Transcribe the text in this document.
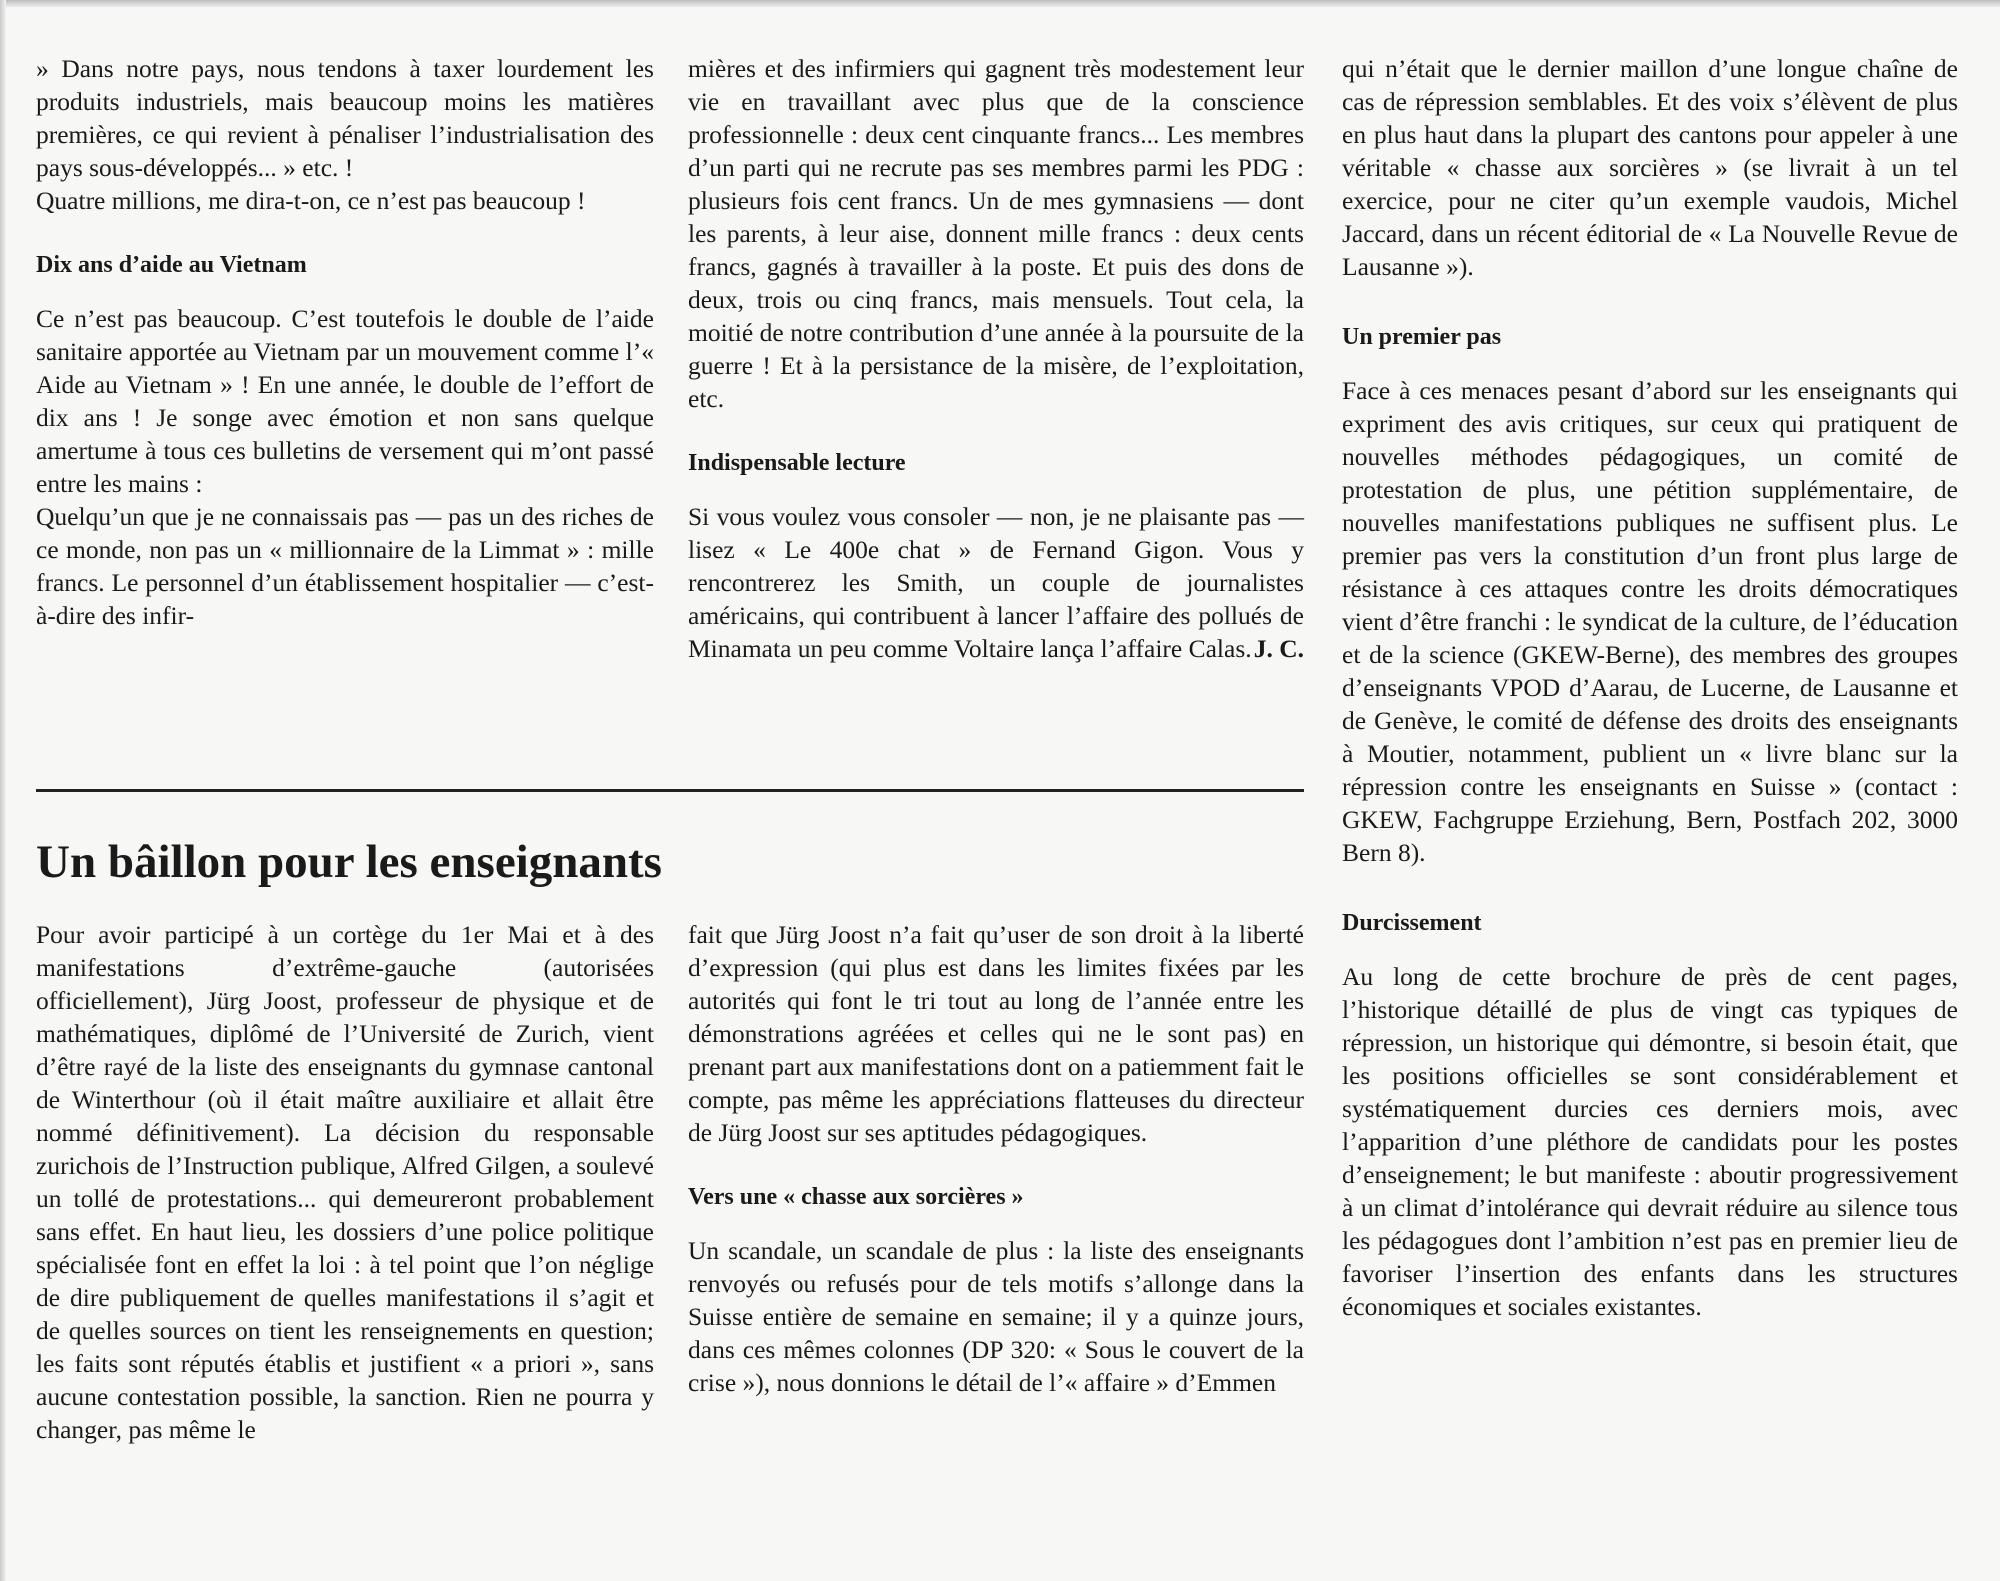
» Dans notre pays, nous tendons à taxer lourdement les produits industriels, mais beaucoup moins les matières premières, ce qui revient à pénaliser l’industrialisation des pays sous-développés... » etc. !

Quatre millions, me dira-t-on, ce n’est pas beaucoup !

Dix ans d’aide au Vietnam

Ce n’est pas beaucoup. C’est toutefois le double de l’aide sanitaire apportée au Vietnam par un mouvement comme l’« Aide au Vietnam » ! En une année, le double de l’effort de dix ans ! Je songe avec émotion et non sans quelque amertume à tous ces bulletins de versement qui m’ont passé entre les mains :

Quelqu’un que je ne connaissais pas — pas un des riches de ce monde, non pas un « millionnaire de la Limmat » : mille francs. Le personnel d’un établissement hospitalier — c’est-à-dire des infir-

mières et des infirmiers qui gagnent très modestement leur vie en travaillant avec plus que de la conscience professionnelle : deux cent cinquante francs... Les membres d’un parti qui ne recrute pas ses membres parmi les PDG : plusieurs fois cent francs. Un de mes gymnasiens — dont les parents, à leur aise, donnent mille francs : deux cents francs, gagnés à travailler à la poste. Et puis des dons de deux, trois ou cinq francs, mais mensuels. Tout cela, la moitié de notre contribution d’une année à la poursuite de la guerre ! Et à la persistance de la misère, de l’exploitation, etc.

Indispensable lecture

Si vous voulez vous consoler — non, je ne plaisante pas — lisez « Le 400e chat » de Fernand Gigon. Vous y rencontrerez les Smith, un couple de journalistes américains, qui contribuent à lancer l’affaire des pollués de Minamata un peu comme Voltaire lança l’affaire Calas. J. C.

Un bâillon pour les enseignants

Pour avoir participé à un cortège du 1er Mai et à des manifestations d’extrême-gauche (autorisées officiellement), Jürg Joost, professeur de physique et de mathématiques, diplômé de l’Université de Zurich, vient d’être rayé de la liste des enseignants du gymnase cantonal de Winterthour (où il était maître auxiliaire et allait être nommé définitivement). La décision du responsable zurichois de l’Instruction publique, Alfred Gilgen, a soulevé un tollé de protestations... qui demeureront probablement sans effet. En haut lieu, les dossiers d’une police politique spécialisée font en effet la loi : à tel point que l’on néglige de dire publiquement de quelles manifestations il s’agit et de quelles sources on tient les renseignements en question; les faits sont réputés établis et justifient « a priori », sans aucune contestation possible, la sanction. Rien ne pourra y changer, pas même le

fait que Jürg Joost n’a fait qu’user de son droit à la liberté d’expression (qui plus est dans les limites fixées par les autorités qui font le tri tout au long de l’année entre les démonstrations agréées et celles qui ne le sont pas) en prenant part aux manifestations dont on a patiemment fait le compte, pas même les appréciations flatteuses du directeur de Jürg Joost sur ses aptitudes pédagogiques.

Vers une « chasse aux sorcières »

Un scandale, un scandale de plus : la liste des enseignants renvoyés ou refusés pour de tels motifs s’allonge dans la Suisse entière de semaine en semaine; il y a quinze jours, dans ces mêmes colonnes (DP 320: « Sous le couvert de la crise »), nous donnions le détail de l’« affaire » d’Emmen

qui n’était que le dernier maillon d’une longue chaîne de cas de répression semblables. Et des voix s’élèvent de plus en plus haut dans la plupart des cantons pour appeler à une véritable « chasse aux sorcières » (se livrait à un tel exercice, pour ne citer qu’un exemple vaudois, Michel Jaccard, dans un récent éditorial de « La Nouvelle Revue de Lausanne »).

Un premier pas

Face à ces menaces pesant d’abord sur les enseignants qui expriment des avis critiques, sur ceux qui pratiquent de nouvelles méthodes pédagogiques, un comité de protestation de plus, une pétition supplémentaire, de nouvelles manifestations publiques ne suffisent plus. Le premier pas vers la constitution d’un front plus large de résistance à ces attaques contre les droits démocratiques vient d’être franchi : le syndicat de la culture, de l’éducation et de la science (GKEW-Berne), des membres des groupes d’enseignants VPOD d’Aarau, de Lucerne, de Lausanne et de Genève, le comité de défense des droits des enseignants à Moutier, notamment, publient un « livre blanc sur la répression contre les enseignants en Suisse » (contact : GKEW, Fachgruppe Erziehung, Bern, Postfach 202, 3000 Bern 8).

Durcissement

Au long de cette brochure de près de cent pages, l’historique détaillé de plus de vingt cas typiques de répression, un historique qui démontre, si besoin était, que les positions officielles se sont considérablement et systématiquement durcies ces derniers mois, avec l’apparition d’une pléthore de candidats pour les postes d’enseignement; le but manifeste : aboutir progressivement à un climat d’intolérance qui devrait réduire au silence tous les pédagogues dont l’ambition n’est pas en premier lieu de favoriser l’insertion des enfants dans les structures économiques et sociales existantes.
